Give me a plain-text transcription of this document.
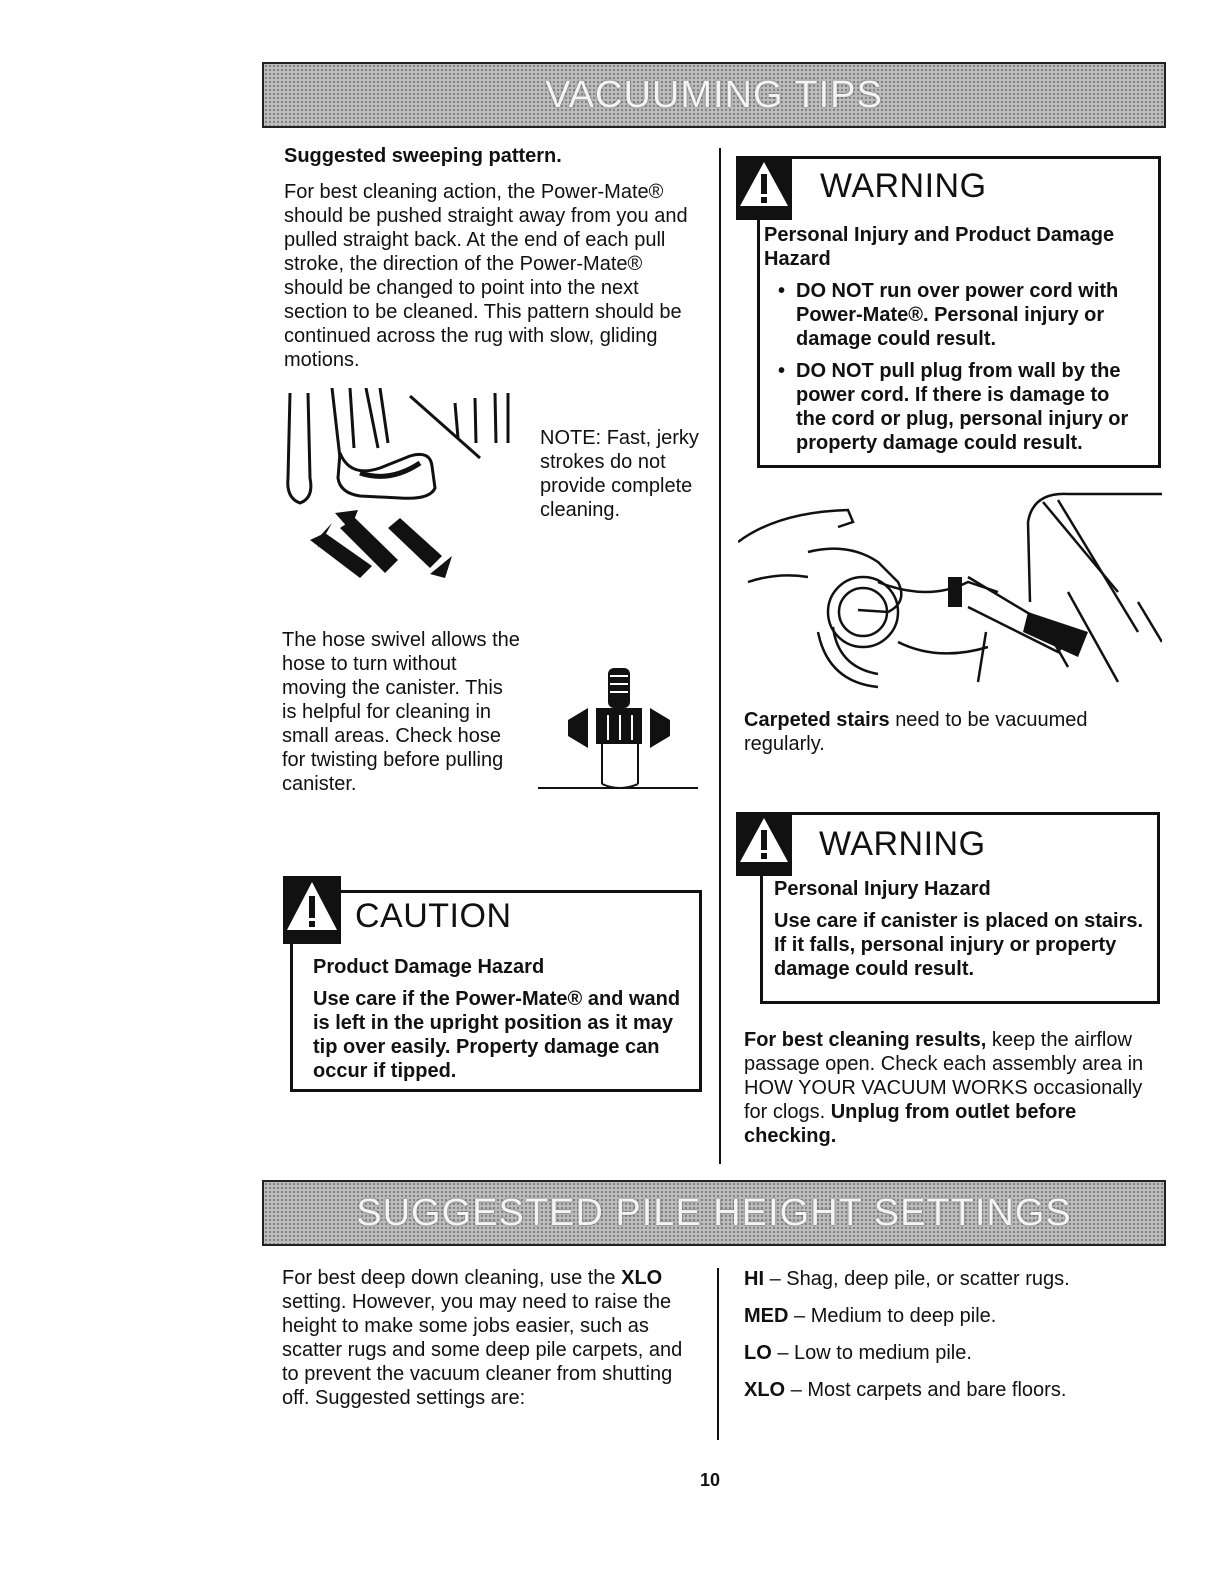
VACUUMING TIPS
Suggested sweeping pattern.
For best cleaning action, the Power-Mate® should be pushed straight away from you and pulled straight back. At the end of each pull stroke, the direction of the Power-Mate® should be changed to point into the next section to be cleaned. This pattern should be continued across the rug with slow, gliding motions.
NOTE: Fast, jerky strokes do not provide complete cleaning.
The hose swivel allows the hose to turn without moving the canister. This is helpful for cleaning in small areas. Check hose for twisting before pulling canister.
CAUTION
Product Damage Hazard
Use care if the Power-Mate® and wand is left in the upright position as it may tip over easily. Property damage can occur if tipped.
WARNING
Personal Injury and Product Damage Hazard
• DO NOT run over power cord with Power-Mate®. Personal injury or damage could result.
• DO NOT pull plug from wall by the power cord. If there is damage to the cord or plug, personal injury or property damage could result.
Carpeted stairs need to be vacuumed regularly.
WARNING
Personal Injury Hazard
Use care if canister is placed on stairs. If it falls, personal injury or property damage could result.
For best cleaning results, keep the airflow passage open. Check each assembly area in HOW YOUR VACUUM WORKS occasionally for clogs. Unplug from outlet before checking.
SUGGESTED PILE HEIGHT SETTINGS
For best deep down cleaning, use the XLO setting. However, you may need to raise the height to make some jobs easier, such as scatter rugs and some deep pile carpets, and to prevent the vacuum cleaner from shutting off. Suggested settings are:
HI – Shag, deep pile, or scatter rugs.
MED – Medium to deep pile.
LO – Low to medium pile.
XLO – Most carpets and bare floors.
10
